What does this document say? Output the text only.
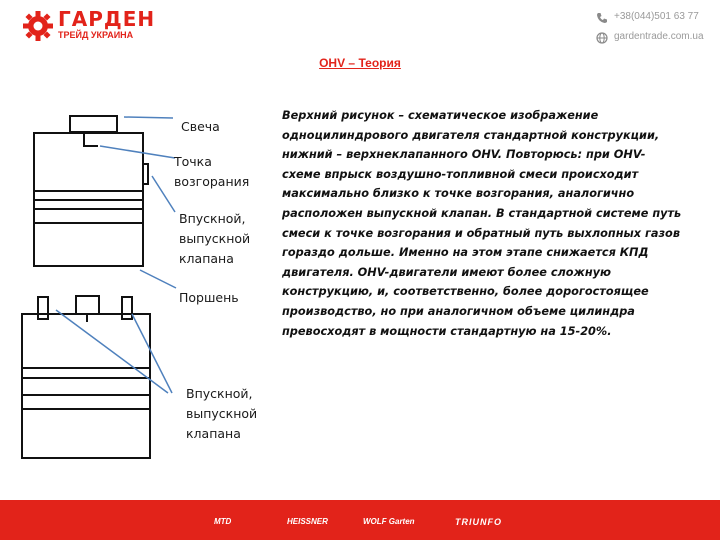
ГАРДЕН
ТРЕЙД УКРАИНА
+38(044)501 63 77
gardentrade.com.ua
OHV – Теория
Свеча
Точка
возгорания
Впускной,
выпускной
клапана
Поршень
Впускной,
выпускной
клапана
Верхний рисунок – схематическое изображение одноцилиндрового двигателя стандартной конструкции, нижний – верхнеклапанного OHV. Повторюсь: при OHV-схеме впрыск воздушно-топливной смеси происходит максимально близко к точке возгорания, аналогично расположен выпускной клапан. В стандартной системе путь смеси к точке возгорания и обратный путь выхлопных газов гораздо дольше. Именно на этом этапе снижается КПД двигателя. OHV-двигатели имеют более сложную конструкцию, и, соответственно, более дорогостоящее производство, но при аналогичном объеме цилиндра превосходят в мощности стандартную на 15-20%.
MTD	HEISSNER	WOLF Garten	TRIUNFO
